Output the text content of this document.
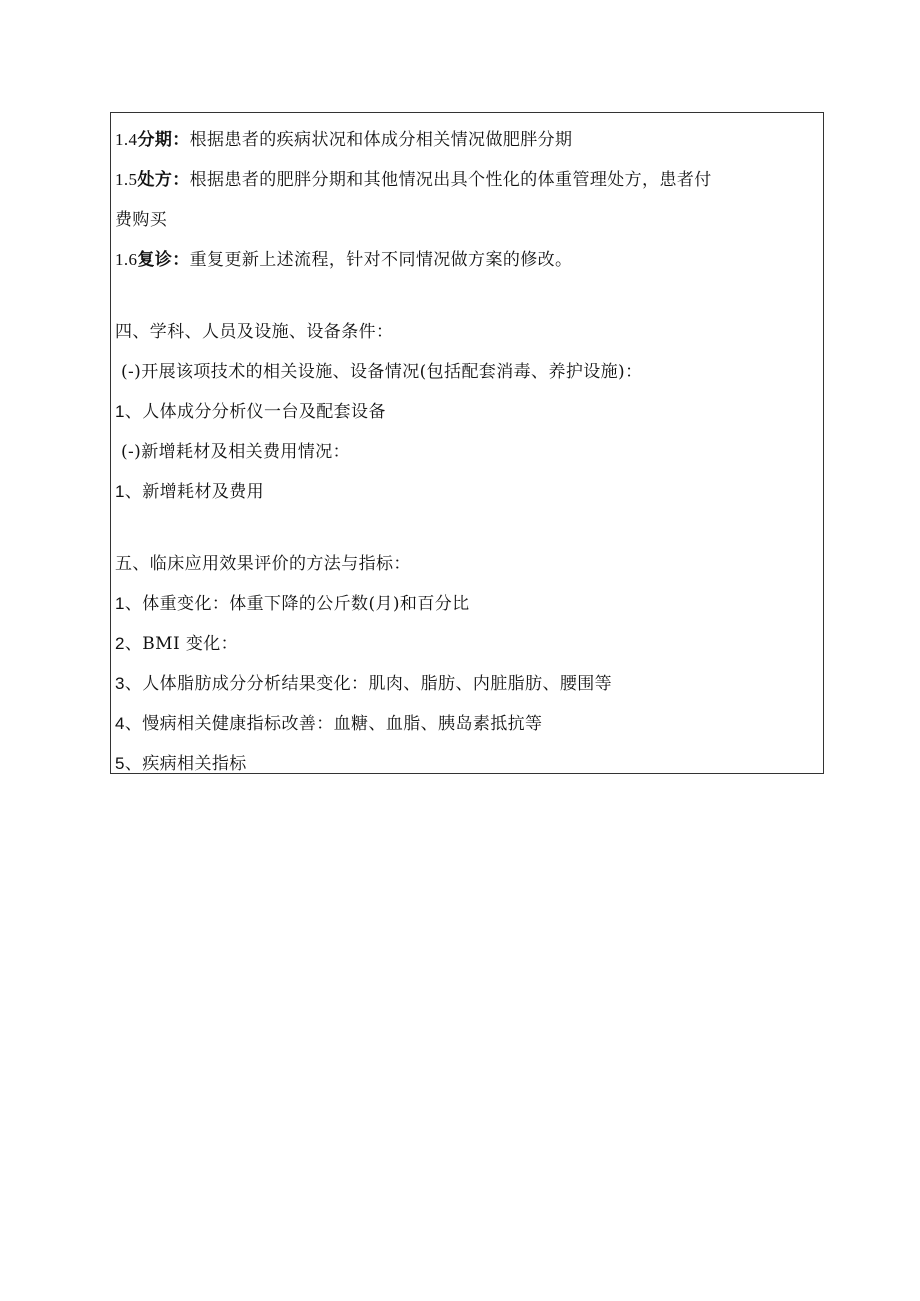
1.4分期：根据患者的疾病状况和体成分相关情况做肥胖分期
1.5处方：根据患者的肥胖分期和其他情况出具个性化的体重管理处方，患者付
费购买
1.6复诊：重复更新上述流程，针对不同情况做方案的修改。
四、学科、人员及设施、设备条件：
(-)开展该项技术的相关设施、设备情况(包括配套消毒、养护设施)：
1、人体成分分析仪一台及配套设备
(-)新增耗材及相关费用情况：
1、新增耗材及费用
五、临床应用效果评价的方法与指标：
1、体重变化：体重下降的公斤数(月)和百分比
2、BMI 变化：
3、人体脂肪成分分析结果变化：肌肉、脂肪、内脏脂肪、腰围等
4、慢病相关健康指标改善：血糖、血脂、胰岛素抵抗等
5、疾病相关指标
